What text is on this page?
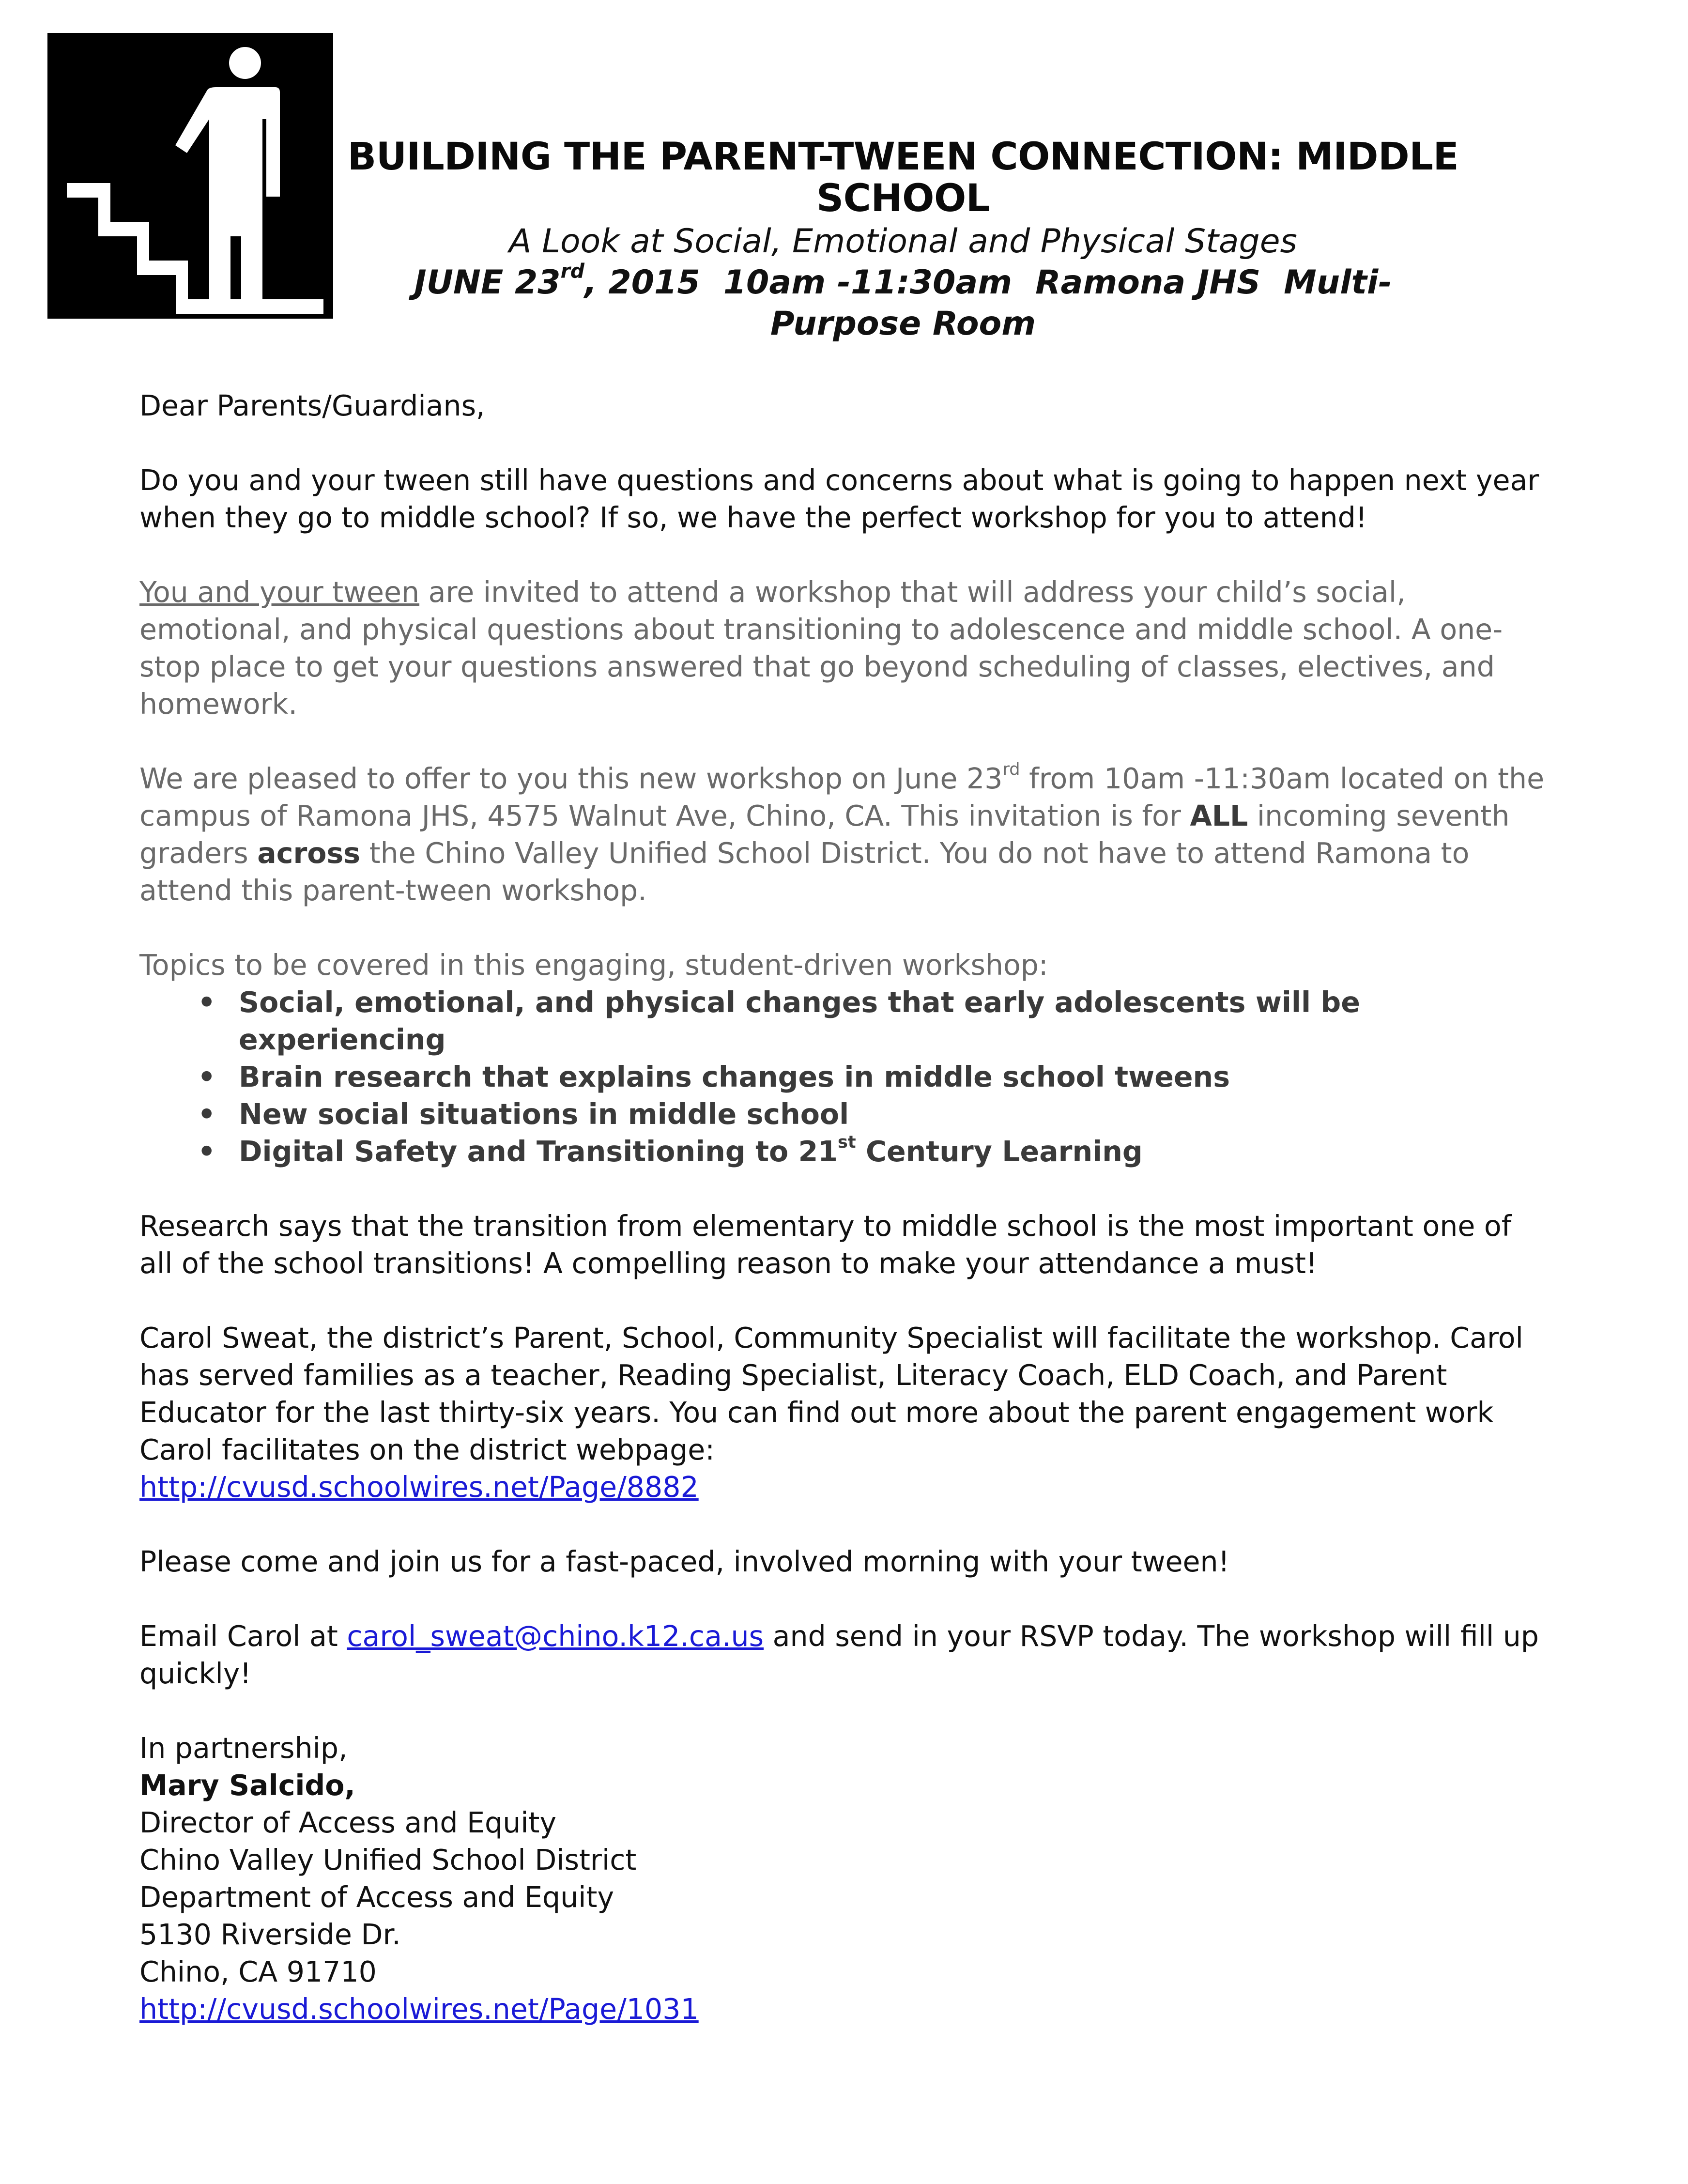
BUILDING THE PARENT-TWEEN CONNECTION: MIDDLE SCHOOL
A Look at Social, Emotional and Physical Stages
JUNE 23rd, 2015 10am -11:30am Ramona JHS Multi-Purpose Room

Dear Parents/Guardians,

Do you and your tween still have questions and concerns about what is going to happen next year when they go to middle school? If so, we have the perfect workshop for you to attend!

You and your tween are invited to attend a workshop that will address your child’s social, emotional, and physical questions about transitioning to adolescence and middle school. A one-stop place to get your questions answered that go beyond scheduling of classes, electives, and homework.

We are pleased to offer to you this new workshop on June 23rd from 10am -11:30am located on the campus of Ramona JHS, 4575 Walnut Ave, Chino, CA. This invitation is for ALL incoming seventh graders across the Chino Valley Unified School District. You do not have to attend Ramona to attend this parent-tween workshop.

Topics to be covered in this engaging, student-driven workshop:
• Social, emotional, and physical changes that early adolescents will be experiencing
• Brain research that explains changes in middle school tweens
• New social situations in middle school
• Digital Safety and Transitioning to 21st Century Learning

Research says that the transition from elementary to middle school is the most important one of all of the school transitions! A compelling reason to make your attendance a must!

Carol Sweat, the district’s Parent, School, Community Specialist will facilitate the workshop. Carol has served families as a teacher, Reading Specialist, Literacy Coach, ELD Coach, and Parent Educator for the last thirty-six years. You can find out more about the parent engagement work Carol facilitates on the district webpage:
http://cvusd.schoolwires.net/Page/8882

Please come and join us for a fast-paced, involved morning with your tween!

Email Carol at carol_sweat@chino.k12.ca.us and send in your RSVP today. The workshop will fill up quickly!

In partnership,

Mary Salcido,

Director of Access and Equity

Chino Valley Unified School District

Department of Access and Equity

5130 Riverside Dr.

Chino, CA 91710

http://cvusd.schoolwires.net/Page/1031
